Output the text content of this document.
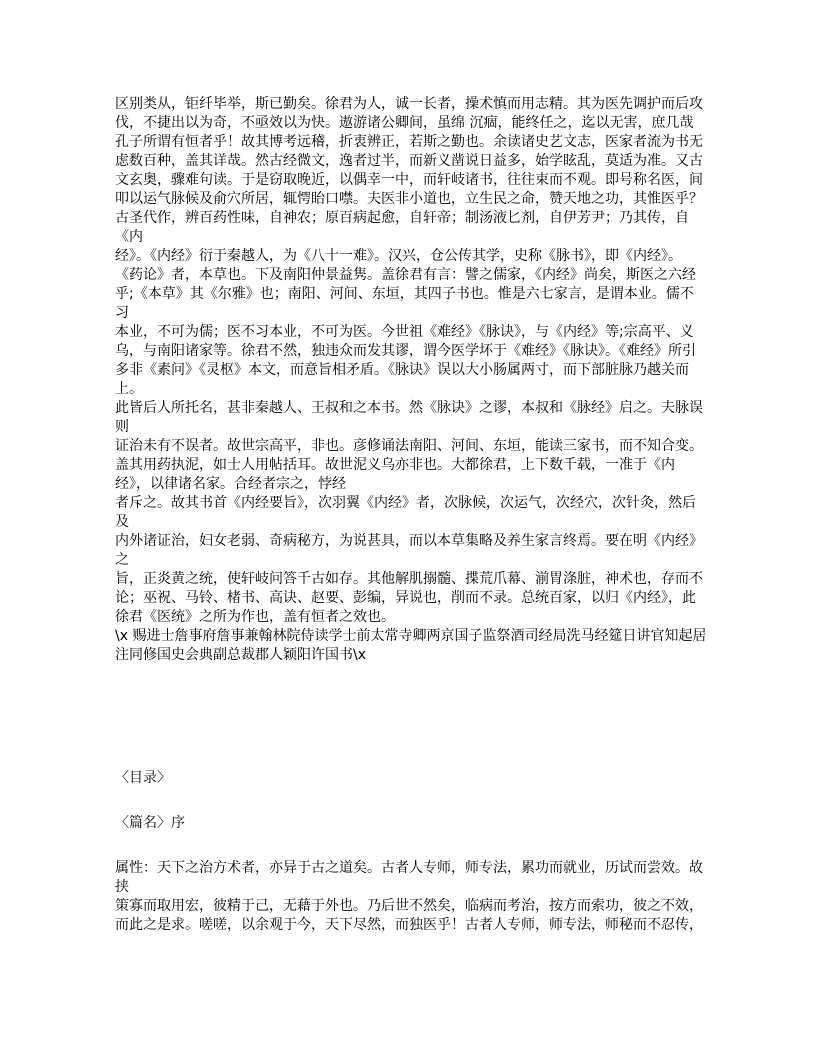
区别类从，钜纤毕举，斯已勤矣。徐君为人，诚一长者，操术慎而用志精。其为医先调护而后攻
伐，不捷出以为奇，不亟效以为快。遨游诸公卿间，虽绵 沉痼，能终任之，迄以无害，庶几哉
孔子所谓有恒者乎！故其博考远稽，折衷辨正，若斯之勤也。余读诸史艺文志，医家者流为书无
虑数百种，盖其详哉。然古经微文，逸者过半，而新义凿说日益多，始学眩乱，莫适为准。又古
文玄奥，骤难句读。于是窃取晚近，以偶幸一中，而轩岐诸书，往往束而不观。即号称名医，间
叩以运气脉候及俞穴所居，辄愕眙口噤。夫医非小道也，立生民之命，赞天地之功，其惟医乎？
古圣代作，辨百药性味，自神农；原百病起愈，自轩帝；制汤液匕剂，自伊芳尹；乃其传，自《内
经》。《内经》衍于秦越人，为《八十一难》。汉兴，仓公传其学，史称《脉书》，即《内经》。
《药论》者，本草也。下及南阳仲景益隽。盖徐君有言：譬之儒家，《内经》尚矣，斯医之六经
乎;《本草》其《尔雅》也；南阳、河间、东垣，其四子书也。惟是六七家言，是谓本业。儒不习
本业，不可为儒；医不习本业，不可为医。今世祖《难经》《脉诀》，与《内经》等;宗高平、义
乌，与南阳诸家等。徐君不然，独违众而发其谬，谓今医学坏于《难经》《脉诀》。《难经》所引
多非《素问》《灵枢》本文，而意旨相矛盾。《脉诀》误以大小肠属两寸，而下部脏脉乃越关而上。
此皆后人所托名，甚非秦越人、王叔和之本书。然《脉诀》之谬，本叔和《脉经》启之。夫脉误则
证治未有不误者。故世宗高平，非也。彦修诵法南阳、河间、东垣，能读三家书，而不知合变。
盖其用药执泥，如士人用帖括耳。故世泥义乌亦非也。大都徐君，上下数千载，一准于《内经》，以律诸名家。合经者宗之，悖经
者斥之。故其书首《内经要旨》，次羽翼《内经》者，次脉候，次运气，次经穴，次针灸，然后及
内外诸证治，妇女老弱、奇病秘方，为说甚具，而以本草集略及养生家言终焉。要在明《内经》之
旨，正炎黄之统，使轩岐问答千古如存。其他解肌搦髓、揲荒爪幕、湔胃涤脏，神术也，存而不
论；巫祝、马铃、楮书、高诀、赵要、彭编，异说也，削而不录。总统百家，以归《内经》，此
徐君《医统》之所为作也，盖有恒者之效也。
\x 赐进士詹事府詹事兼翰林院侍读学士前太常寺卿两京国子监祭酒司经局洗马经筵日讲官知起居注同修国史会典副总裁郡人颖阳许国书\x
〈目录〉
〈篇名〉序
属性：天下之治方术者，亦异于古之道矣。古者人专师，师专法，累功而就业，历试而尝效。故挟
策寡而取用宏，彼精于己，无藉于外也。乃后世不然矣，临病而考治，按方而索功，彼之不效，
而此之是求。嗟嗟，以余观于今，天下尽然，而独医乎！古者人专师，师专法，师秘而不忍传，
